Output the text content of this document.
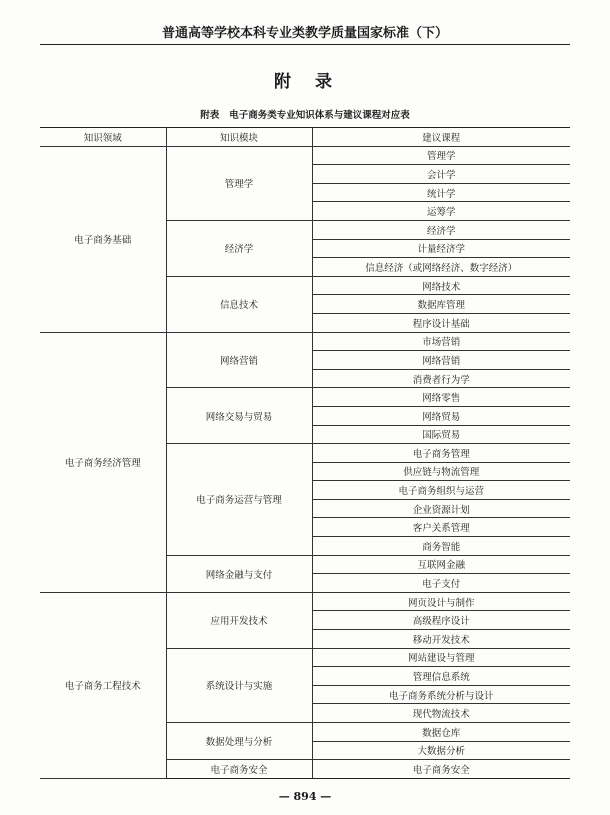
普通高等学校本科专业类教学质量国家标准（下）
附 录
附表 电子商务类专业知识体系与建议课程对应表
知识领域	知识模块	建议课程
电子商务基础	管理学	管理学
		会计学
		统计学
		运筹学
	经济学	经济学
		计量经济学
		信息经济（或网络经济、数字经济）
	信息技术	网络技术
		数据库管理
		程序设计基础
电子商务经济管理	网络营销	市场营销
		网络营销
		消费者行为学
	网络交易与贸易	网络零售
		网络贸易
		国际贸易
	电子商务运营与管理	电子商务管理
		供应链与物流管理
		电子商务组织与运营
		企业资源计划
		客户关系管理
		商务智能
	网络金融与支付	互联网金融
		电子支付
电子商务工程技术	应用开发技术	网页设计与制作
		高级程序设计
		移动开发技术
	系统设计与实施	网站建设与管理
		管理信息系统
		电子商务系统分析与设计
		现代物流技术
	数据处理与分析	数据仓库
		大数据分析
	电子商务安全	电子商务安全
— 894 —
